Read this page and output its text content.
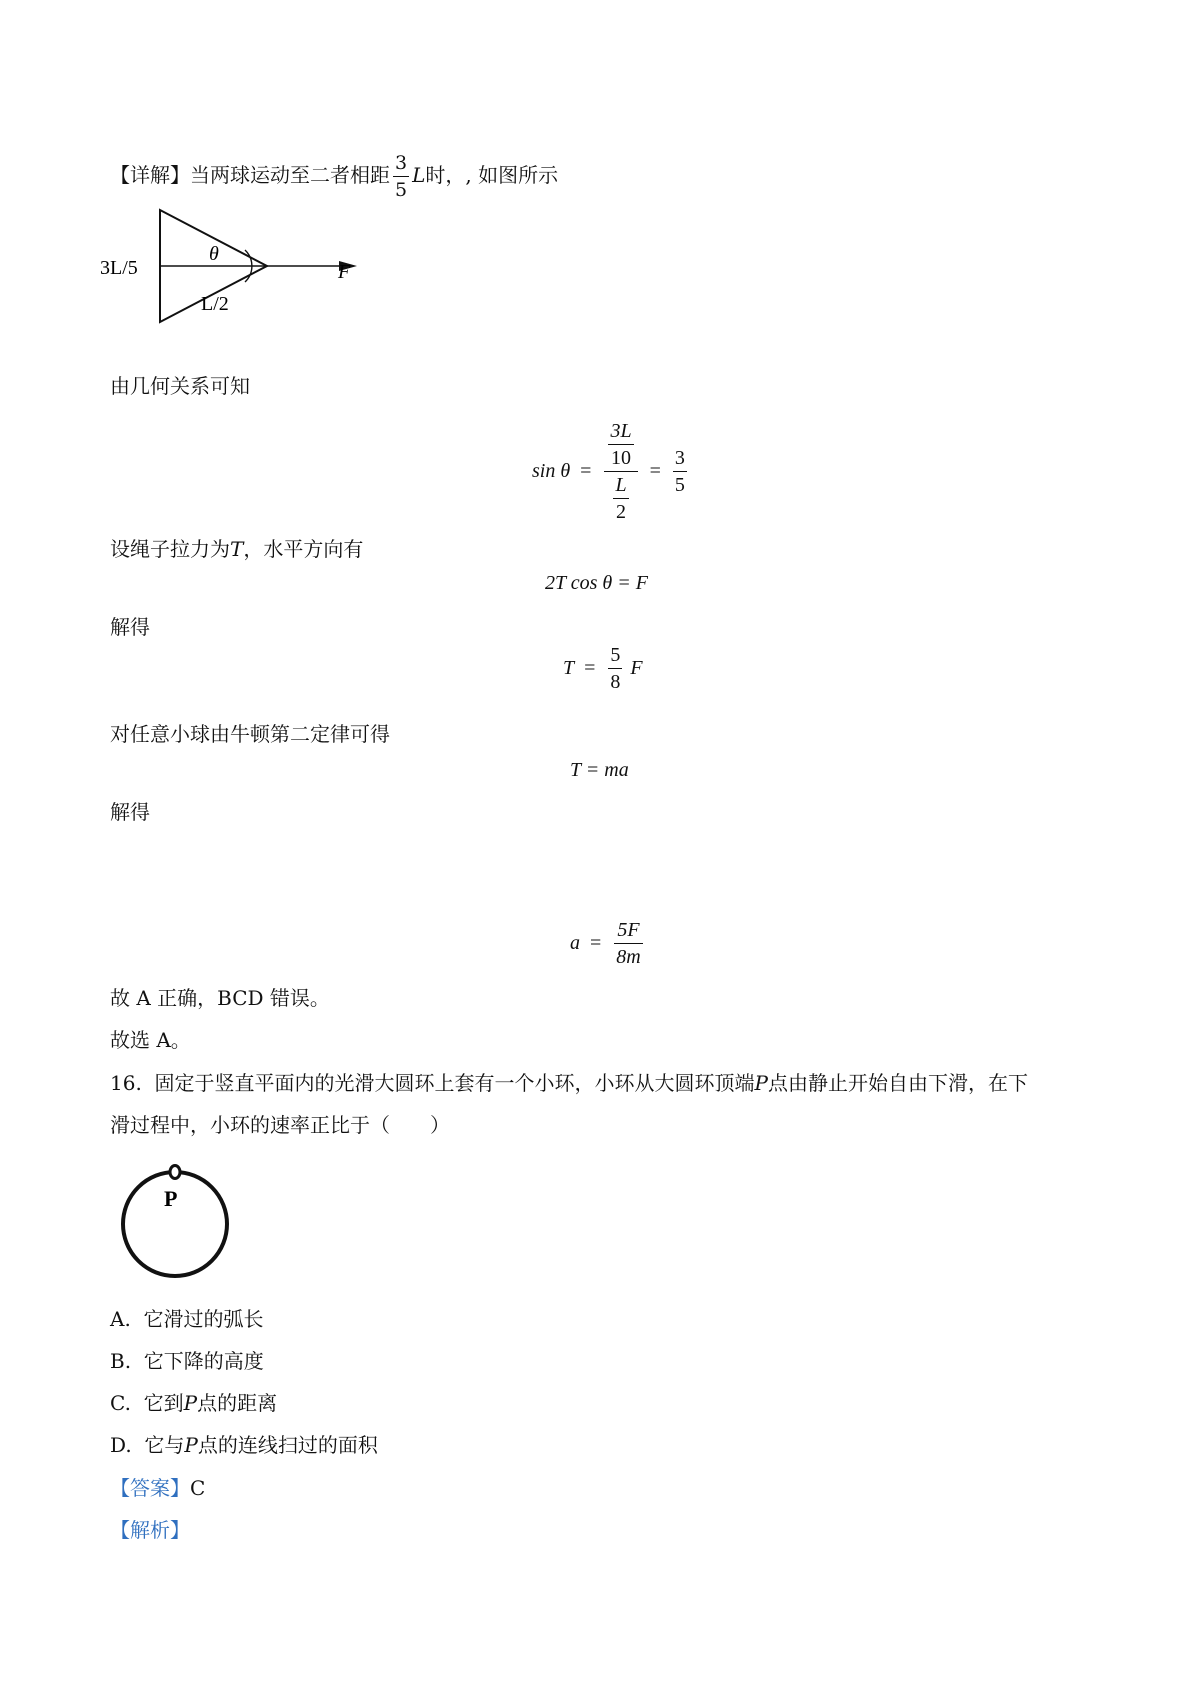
【详解】当两球运动至二者相距 $\frac{3}{5}$ L时，, 如图所示
3L/5
θ
L/2
F
由几何关系可知
$\sin \theta = \frac{\frac{3L}{10}}{\frac{L}{2}} = \frac{3}{5}$
设绳子拉力为T，水平方向有
2T cos θ = F
解得
$T = \frac{5}{8}$ F
对任意小球由牛顿第二定律可得
T = ma
解得
$a = \frac{5F}{8m}$
故 A 正确，BCD 错误。
故选 A。
16. 固定于竖直平面内的光滑大圆环上套有一个小环，小环从大圆环顶端P点由静止开始自由下滑，在下
滑过程中，小环的速率正比于（　　）
P
A. 它滑过的弧长
B. 它下降的高度
C. 它到P点的距离
D. 它与P点的连线扫过的面积
【答案】C
【解析】
